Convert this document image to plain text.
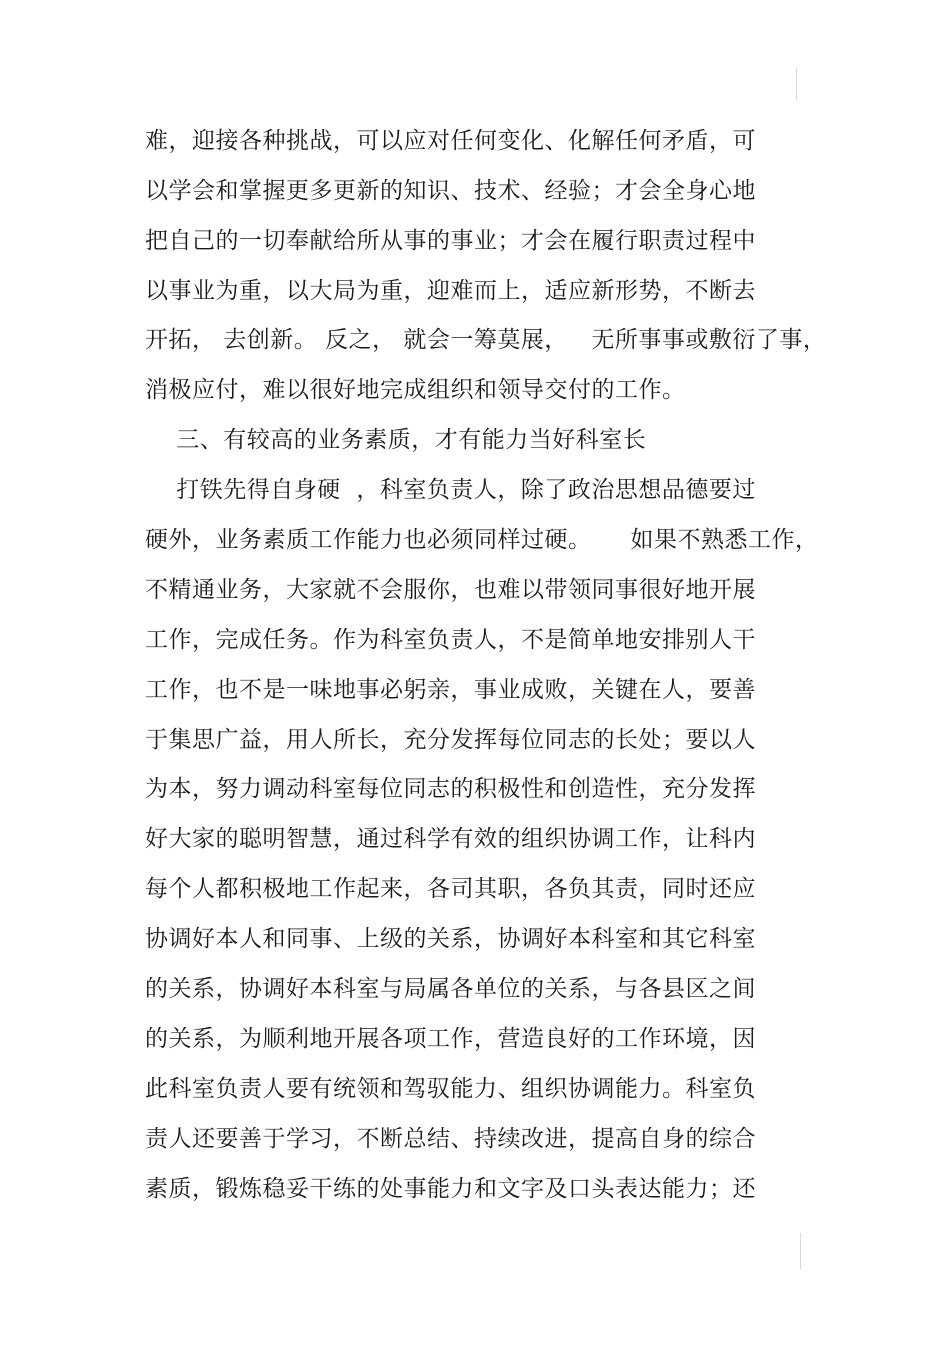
难，迎接各种挑战，可以应对任何变化、化解任何矛盾，可
以学会和掌握更多更新的知识、技术、经验；才会全身心地
把自己的一切奉献给所从事的事业；才会在履行职责过程中
以事业为重，以大局为重，迎难而上，适应新形势，不断去
开拓， 去创新。 反之， 就会一筹莫展，   无所事事或敷衍了事，
消极应付，难以很好地完成组织和领导交付的工作。
三、有较高的业务素质，才有能力当好科室长
打铁先得自身硬  ，科室负责人，除了政治思想品德要过
硬外，业务素质工作能力也必须同样过硬。     如果不熟悉工作，
不精通业务，大家就不会服你，也难以带领同事很好地开展
工作，完成任务。作为科室负责人，不是简单地安排别人干
工作，也不是一味地事必躬亲，事业成败，关键在人，要善
于集思广益，用人所长，充分发挥每位同志的长处；要以人
为本，努力调动科室每位同志的积极性和创造性，充分发挥
好大家的聪明智慧，通过科学有效的组织协调工作，让科内
每个人都积极地工作起来，各司其职，各负其责，同时还应
协调好本人和同事、上级的关系，协调好本科室和其它科室
的关系，协调好本科室与局属各单位的关系，与各县区之间
的关系，为顺利地开展各项工作，营造良好的工作环境，因
此科室负责人要有统领和驾驭能力、组织协调能力。科室负
责人还要善于学习，不断总结、持续改进，提高自身的综合
素质，锻炼稳妥干练的处事能力和文字及口头表达能力；还
